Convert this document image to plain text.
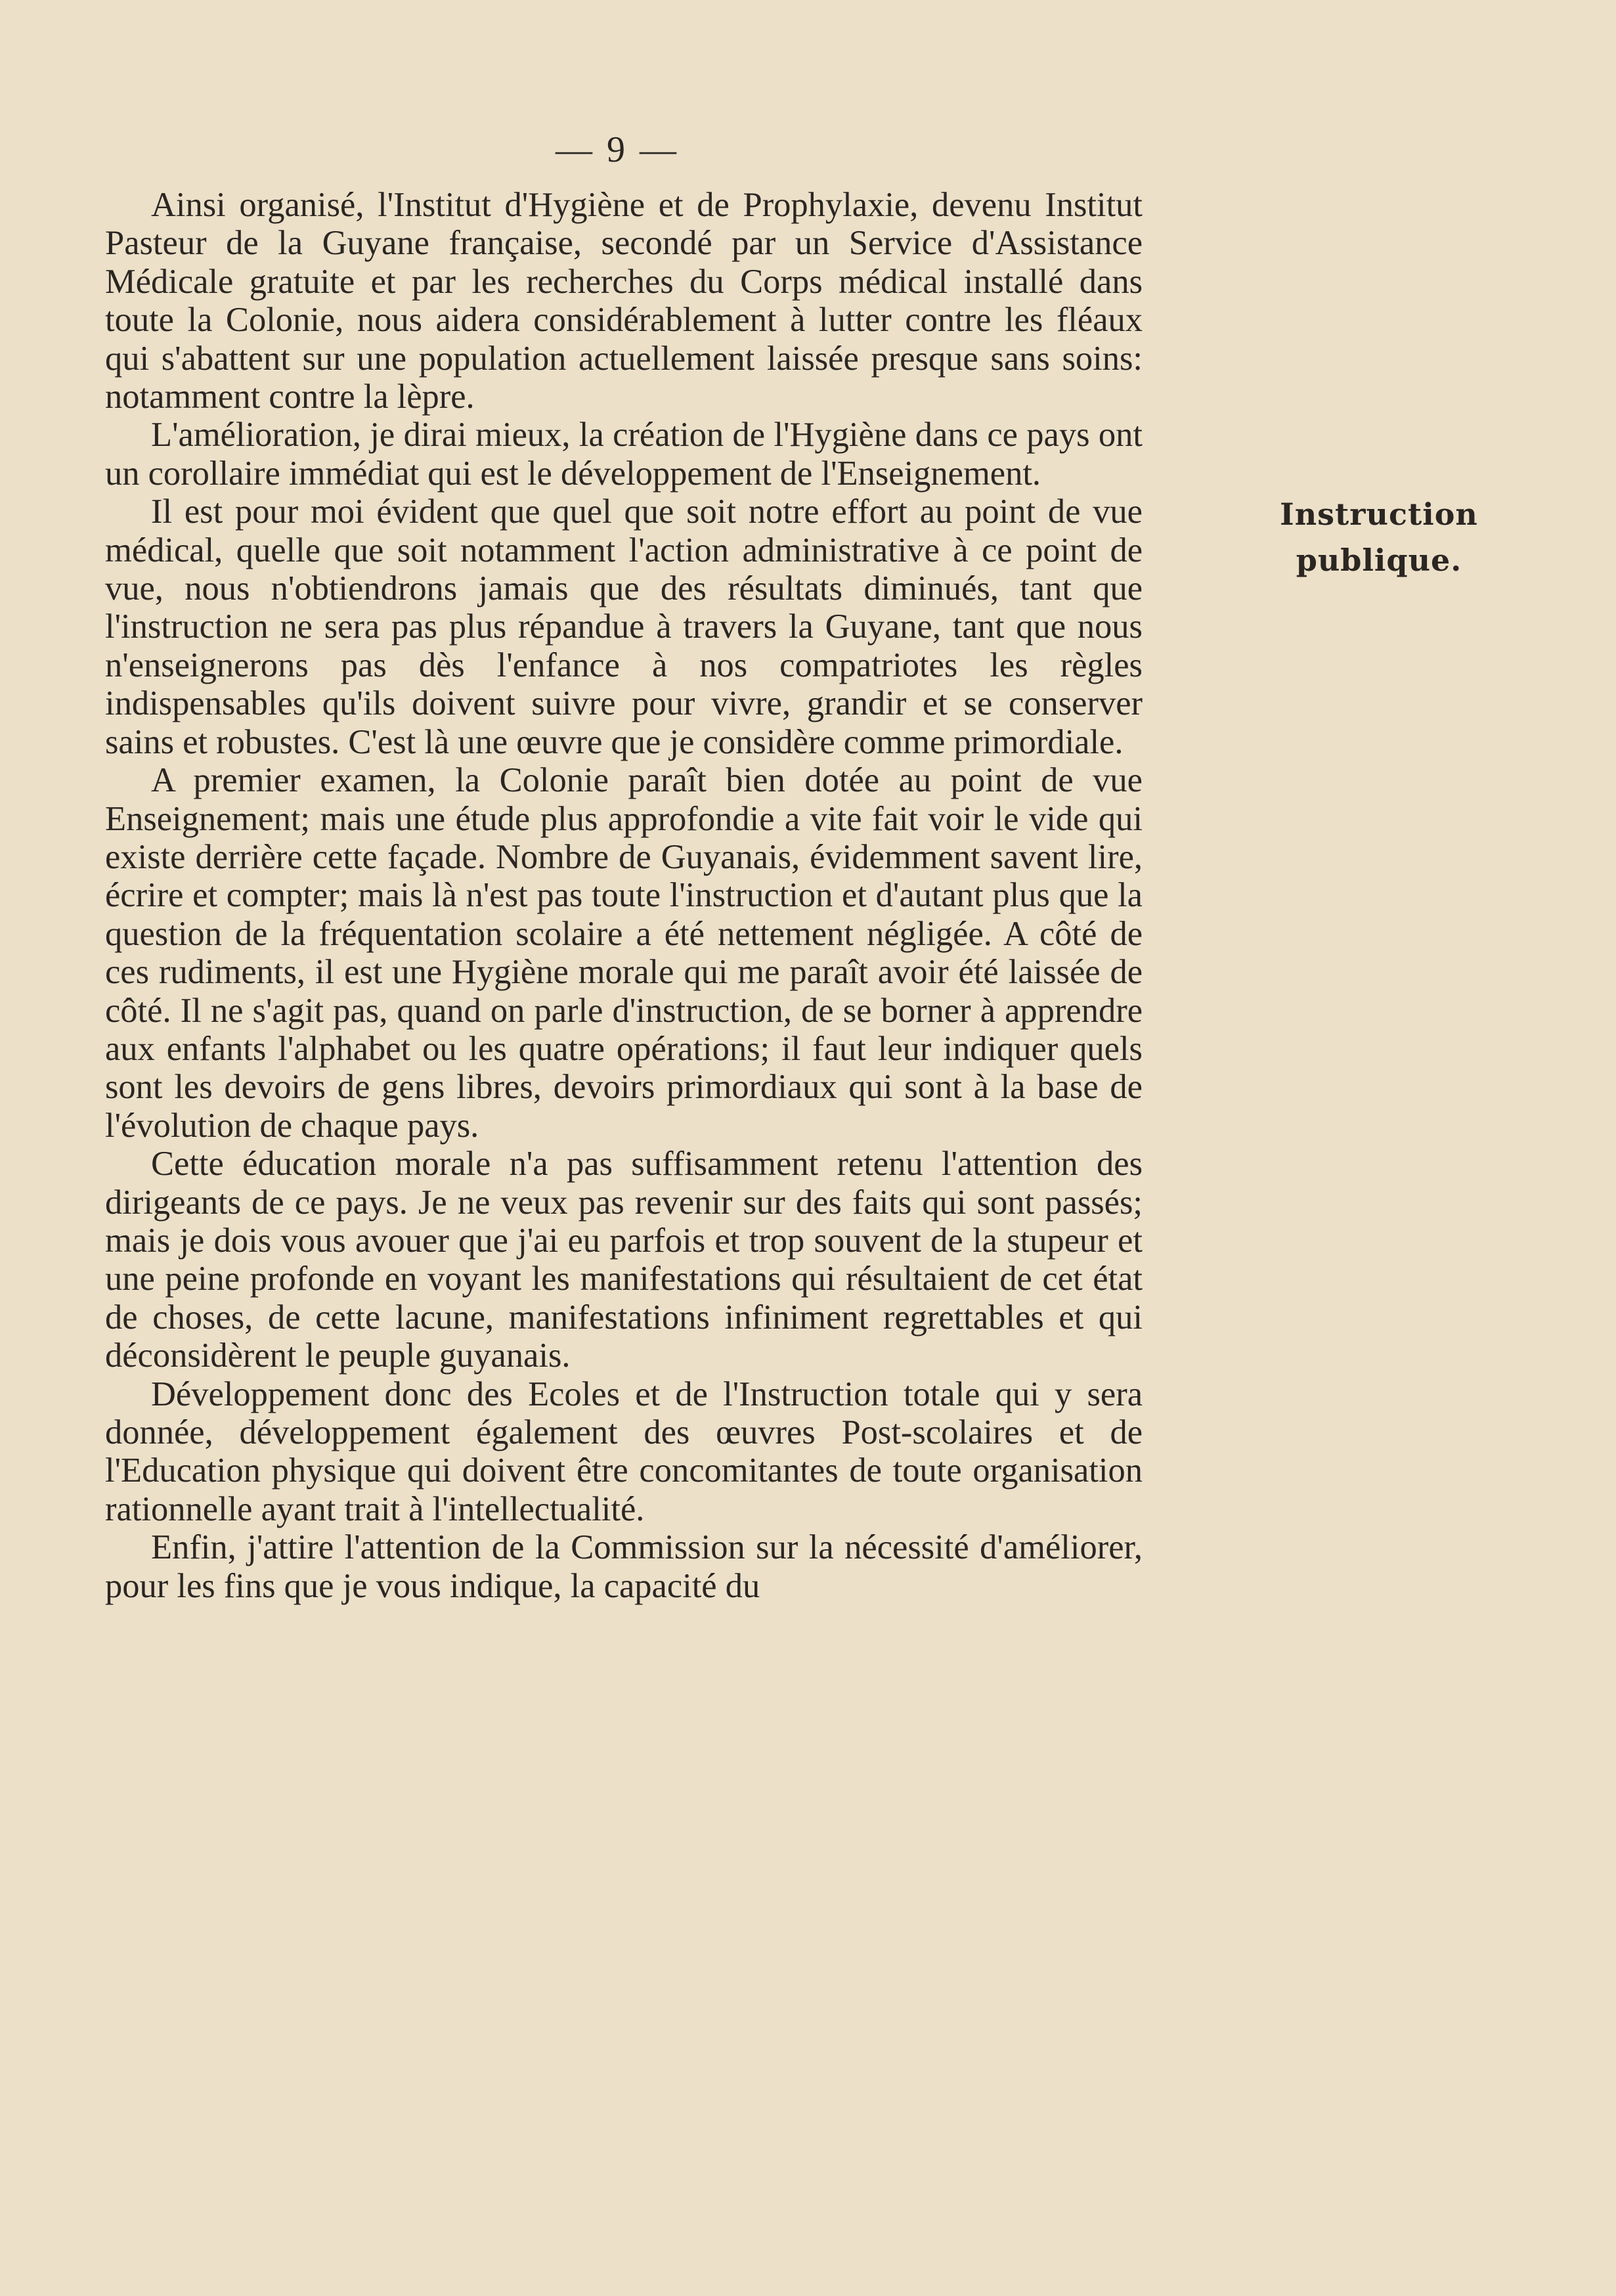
— 9 —

Ainsi organisé, l'Institut d'Hygiène et de Prophylaxie, devenu Institut Pasteur de la Guyane française, secondé par un Service d'Assistance Médicale gratuite et par les recherches du Corps médical installé dans toute la Colonie, nous aidera considérablement à lutter contre les fléaux qui s'abattent sur une population actuellement laissée presque sans soins: notamment contre la lèpre.

L'amélioration, je dirai mieux, la création de l'Hygiène dans ce pays ont un corollaire immédiat qui est le développement de l'Enseignement.

Il est pour moi évident que quel que soit notre effort au point de vue médical, quelle que soit notamment l'action administrative à ce point de vue, nous n'obtiendrons jamais que des résultats diminués, tant que l'instruction ne sera pas plus répandue à travers la Guyane, tant que nous n'enseignerons pas dès l'enfance à nos compatriotes les règles indispensables qu'ils doivent suivre pour vivre, grandir et se conserver sains et robustes. C'est là une œuvre que je considère comme primordiale.

A premier examen, la Colonie paraît bien dotée au point de vue Enseignement; mais une étude plus approfondie a vite fait voir le vide qui existe derrière cette façade. Nombre de Guyanais, évidemment savent lire, écrire et compter; mais là n'est pas toute l'instruction et d'autant plus que la question de la fréquentation scolaire a été nettement négligée. A côté de ces rudiments, il est une Hygiène morale qui me paraît avoir été laissée de côté. Il ne s'agit pas, quand on parle d'instruction, de se borner à apprendre aux enfants l'alphabet ou les quatre opérations; il faut leur indiquer quels sont les devoirs de gens libres, devoirs primordiaux qui sont à la base de l'évolution de chaque pays.

Cette éducation morale n'a pas suffisamment retenu l'attention des dirigeants de ce pays. Je ne veux pas revenir sur des faits qui sont passés; mais je dois vous avouer que j'ai eu parfois et trop souvent de la stupeur et une peine profonde en voyant les manifestations qui résultaient de cet état de choses, de cette lacune, manifestations infiniment regrettables et qui déconsidèrent le peuple guyanais.

Développement donc des Ecoles et de l'Instruction totale qui y sera donnée, développement également des œuvres Post-scolaires et de l'Education physique qui doivent être concomitantes de toute organisation rationnelle ayant trait à l'intellectualité.

Enfin, j'attire l'attention de la Commission sur la nécessité d'améliorer, pour les fins que je vous indique, la capacité du

Instruction
publique.
